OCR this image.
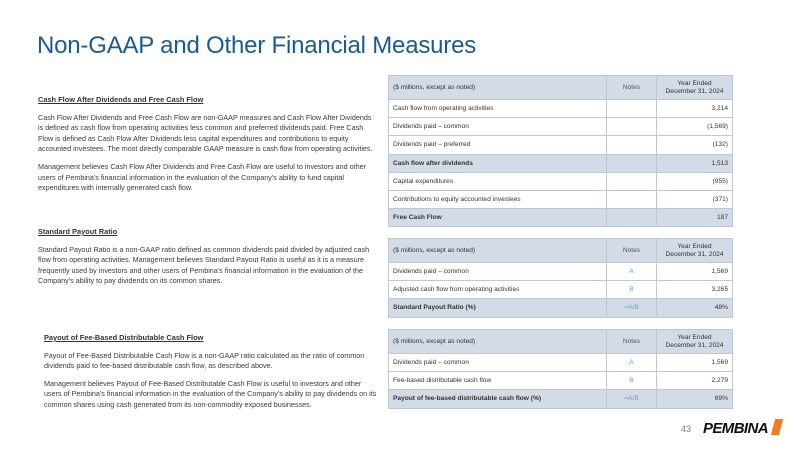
Non-GAAP and Other Financial Measures
Cash Flow After Dividends and Free Cash Flow
Cash Flow After Dividends and Free Cash Flow are non-GAAP measures and Cash Flow After Dividends is defined as cash flow from operating activities less common and preferred dividends paid. Free Cash Flow is defined as Cash Flow After Dividends less capital expenditures and contributions to equity accounted investees. The most directly comparable GAAP measure is cash flow from operating activities.
Management believes Cash Flow After Dividends and Free Cash Flow are useful to investors and other users of Pembina's financial information in the evaluation of the Company's ability to fund capital expenditures with internally generated cash flow.
Standard Payout Ratio
Standard Payout Ratio is a non-GAAP ratio defined as common dividends paid divided by adjusted cash flow from operating activities. Management believes Standard Payout Ratio is useful as it is a measure frequently used by investors and other users of Pembina's financial information in the evaluation of the Company's ability to pay dividends on its common shares.
Payout of Fee-Based Distributable Cash Flow
Payout of Fee-Based Distributable Cash Flow is a non-GAAP ratio calculated as the ratio of common dividends paid to fee-based distributable cash flow, as described above.
Management believes Payout of Fee-Based Distributable Cash Flow is useful to investors and other users of Pembina's financial information in the evaluation of the Company's ability to pay dividends on its common shares using cash generated from its non-commodity exposed businesses.
($ millions, except as noted)	Notes	Year Ended
December 31, 2024

Cash flow from operating activities		3,214
Dividends paid – common		(1,569)
Dividends paid – preferred		(132)
Cash flow after dividends		1,513
Capital expenditures		(955)
Contributions to equity accounted investees		(371)
Free Cash Flow		187
($ millions, except as noted)	Notes	Year Ended
December 31, 2024

Dividends paid – common	A	1,569
Adjusted cash flow from operating activities	B	3,265
Standard Payout Ratio (%)	=A/B	48%
($ millions, except as noted)	Notes	Year Ended
December 31, 2024

Dividends paid – common	A	1,569
Fee-based distributable cash flow	B	2,279
Payout of fee-based distributable cash flow (%)	=A/B	69%
43 PEMBINA
